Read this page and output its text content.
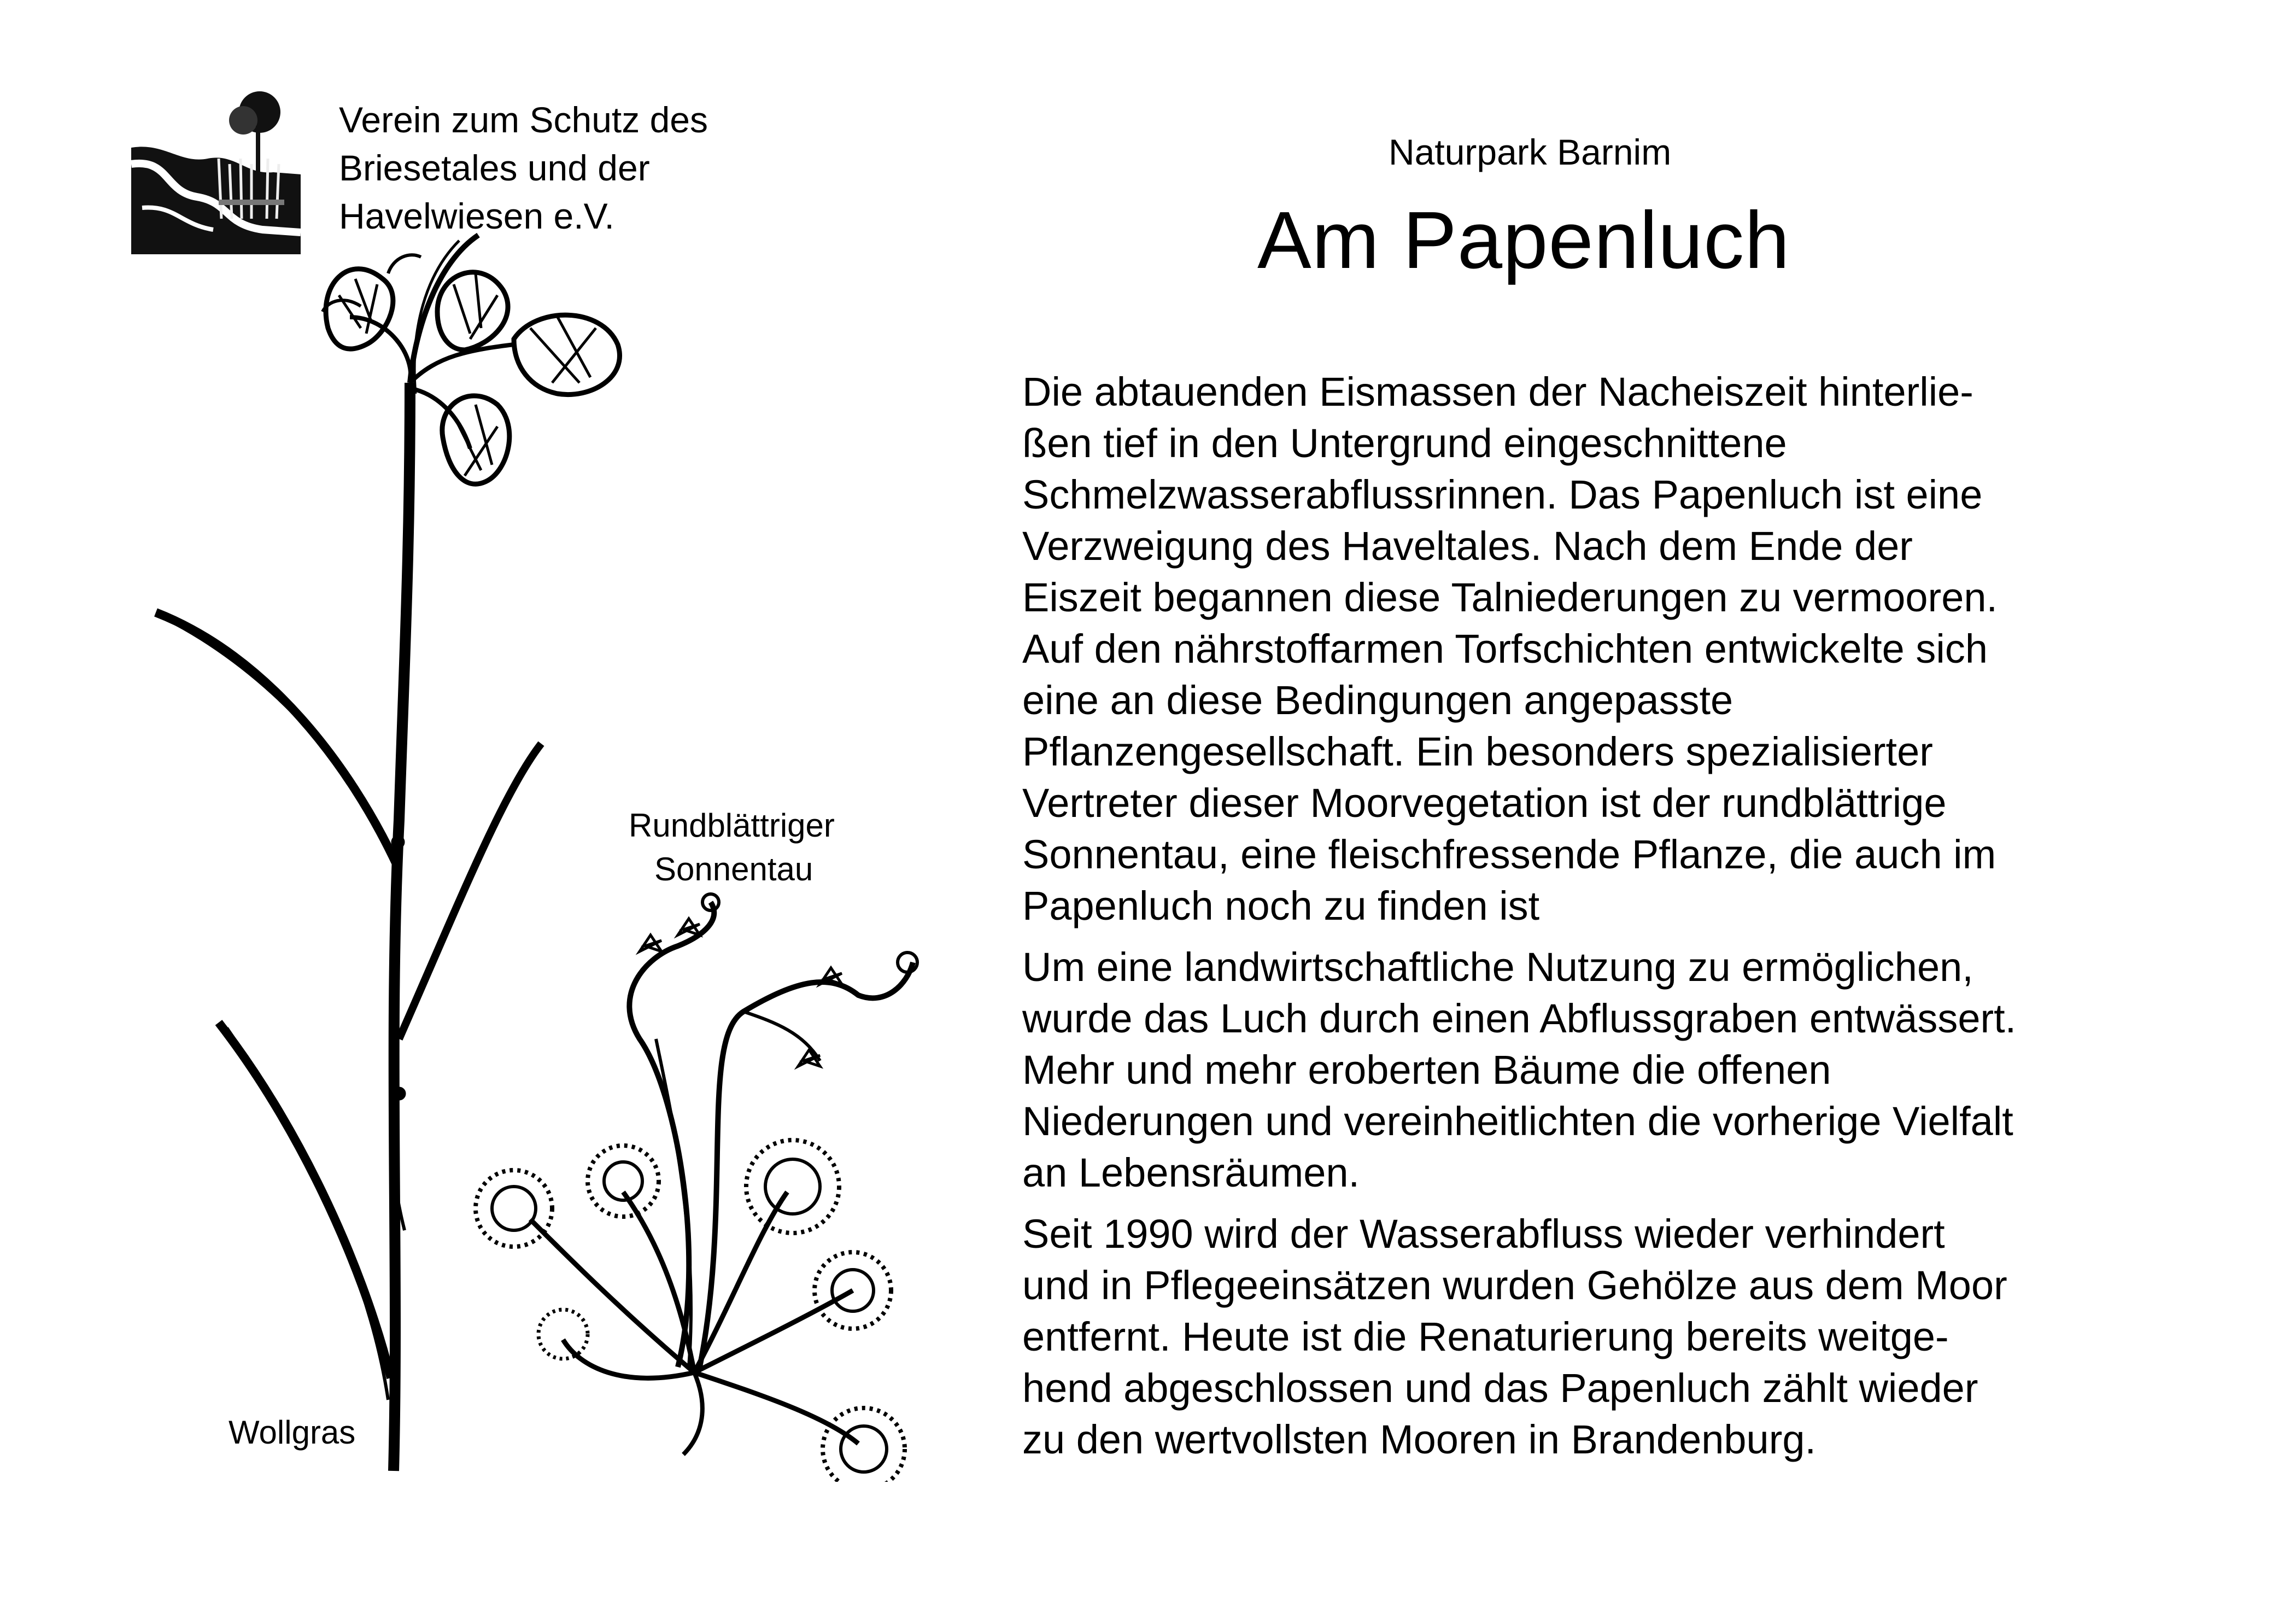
Verein zum Schutz des
Briesetales und der
Havelwiesen e.V.
Naturpark Barnim
Am Papenluch
Rundblättriger
Sonnentau
Wollgras
Die abtauenden Eismassen der Nacheiszeit hinterlie-
ßen tief in den Untergrund eingeschnittene
Schmelzwasserabflussrinnen. Das Papenluch ist eine
Verzweigung des Haveltales. Nach dem Ende der
Eiszeit begannen diese Talniederungen zu vermooren.
Auf den nährstoffarmen Torfschichten entwickelte sich
eine an diese Bedingungen angepasste
Pflanzengesellschaft. Ein besonders spezialisierter
Vertreter dieser Moorvegetation ist der rundblättrige
Sonnentau, eine fleischfressende Pflanze, die auch im
Papenluch noch zu finden ist
Um eine landwirtschaftliche Nutzung zu ermöglichen,
wurde das Luch durch einen Abflussgraben entwässert.
Mehr und mehr eroberten Bäume die offenen
Niederungen und vereinheitlichten die vorherige Vielfalt
an Lebensräumen.
Seit 1990 wird der Wasserabfluss wieder verhindert
und in Pflegeeinsätzen wurden Gehölze aus dem Moor
entfernt. Heute ist die Renaturierung bereits weitge-
hend abgeschlossen und das Papenluch zählt wieder
zu den wertvollsten Mooren in Brandenburg.
